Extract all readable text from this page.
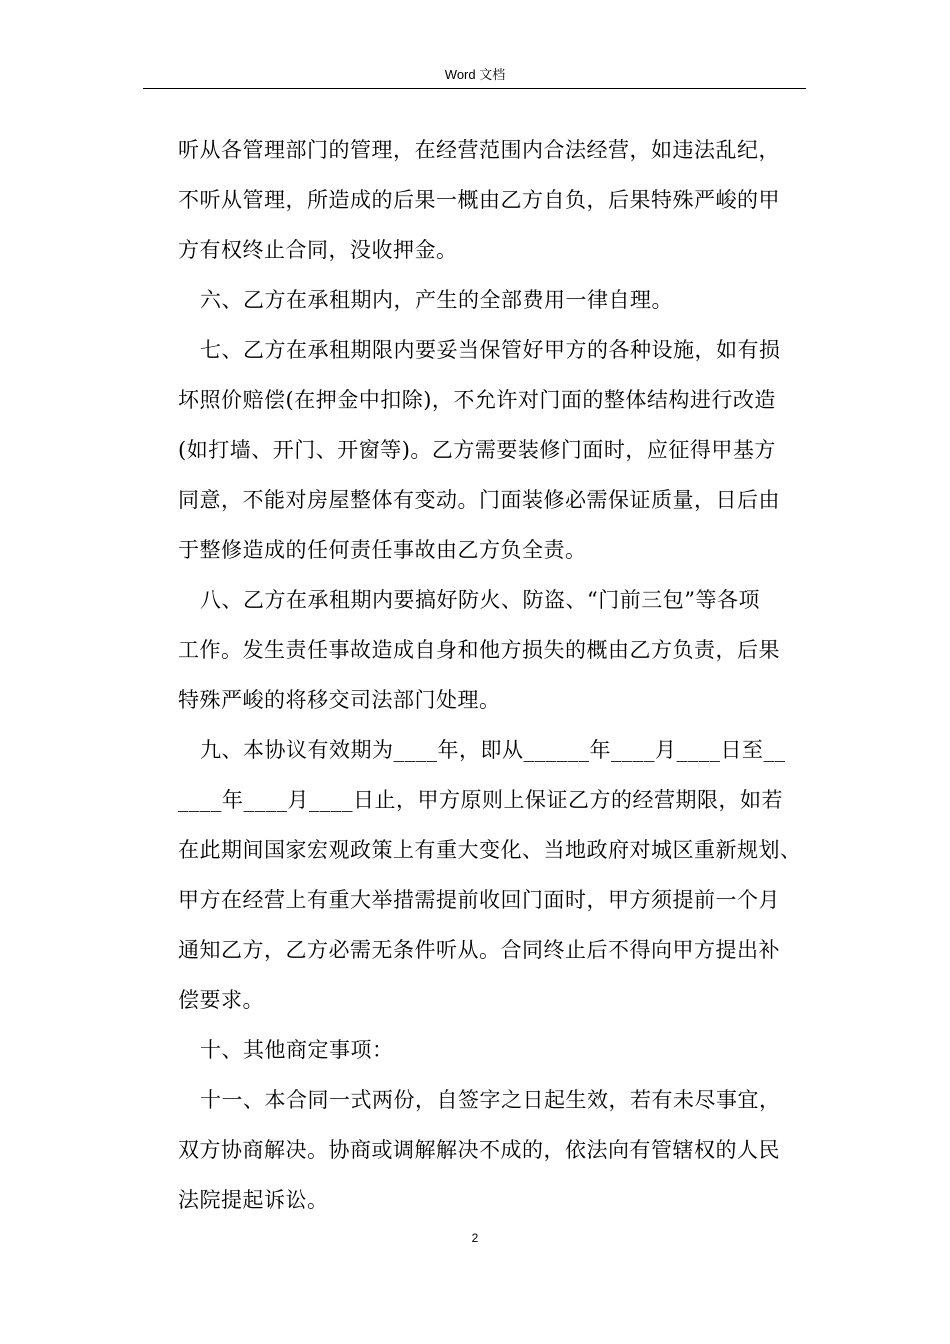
Word 文档
听从各管理部门的管理，在经营范围内合法经营，如违法乱纪，
不听从管理，所造成的后果一概由乙方自负，后果特殊严峻的甲
方有权终止合同，没收押金。
六、乙方在承租期内，产生的全部费用一律自理。
七、乙方在承租期限内要妥当保管好甲方的各种设施，如有损
坏照价赔偿(在押金中扣除)，不允许对门面的整体结构进行改造
(如打墙、开门、开窗等)。乙方需要装修门面时，应征得甲基方
同意，不能对房屋整体有变动。门面装修必需保证质量，日后由
于整修造成的任何责任事故由乙方负全责。
八、乙方在承租期内要搞好防火、防盗、“门前三包”等各项
工作。发生责任事故造成自身和他方损失的概由乙方负责，后果
特殊严峻的将移交司法部门处理。
九、本协议有效期为____年，即从______年____月____日至__
____年____月____日止，甲方原则上保证乙方的经营期限，如若
在此期间国家宏观政策上有重大变化、当地政府对城区重新规划、
甲方在经营上有重大举措需提前收回门面时，甲方须提前一个月
通知乙方，乙方必需无条件听从。合同终止后不得向甲方提出补
偿要求。
十、其他商定事项：
十一、本合同一式两份，自签字之日起生效，若有未尽事宜，
双方协商解决。协商或调解解决不成的，依法向有管辖权的人民
法院提起诉讼。
2
